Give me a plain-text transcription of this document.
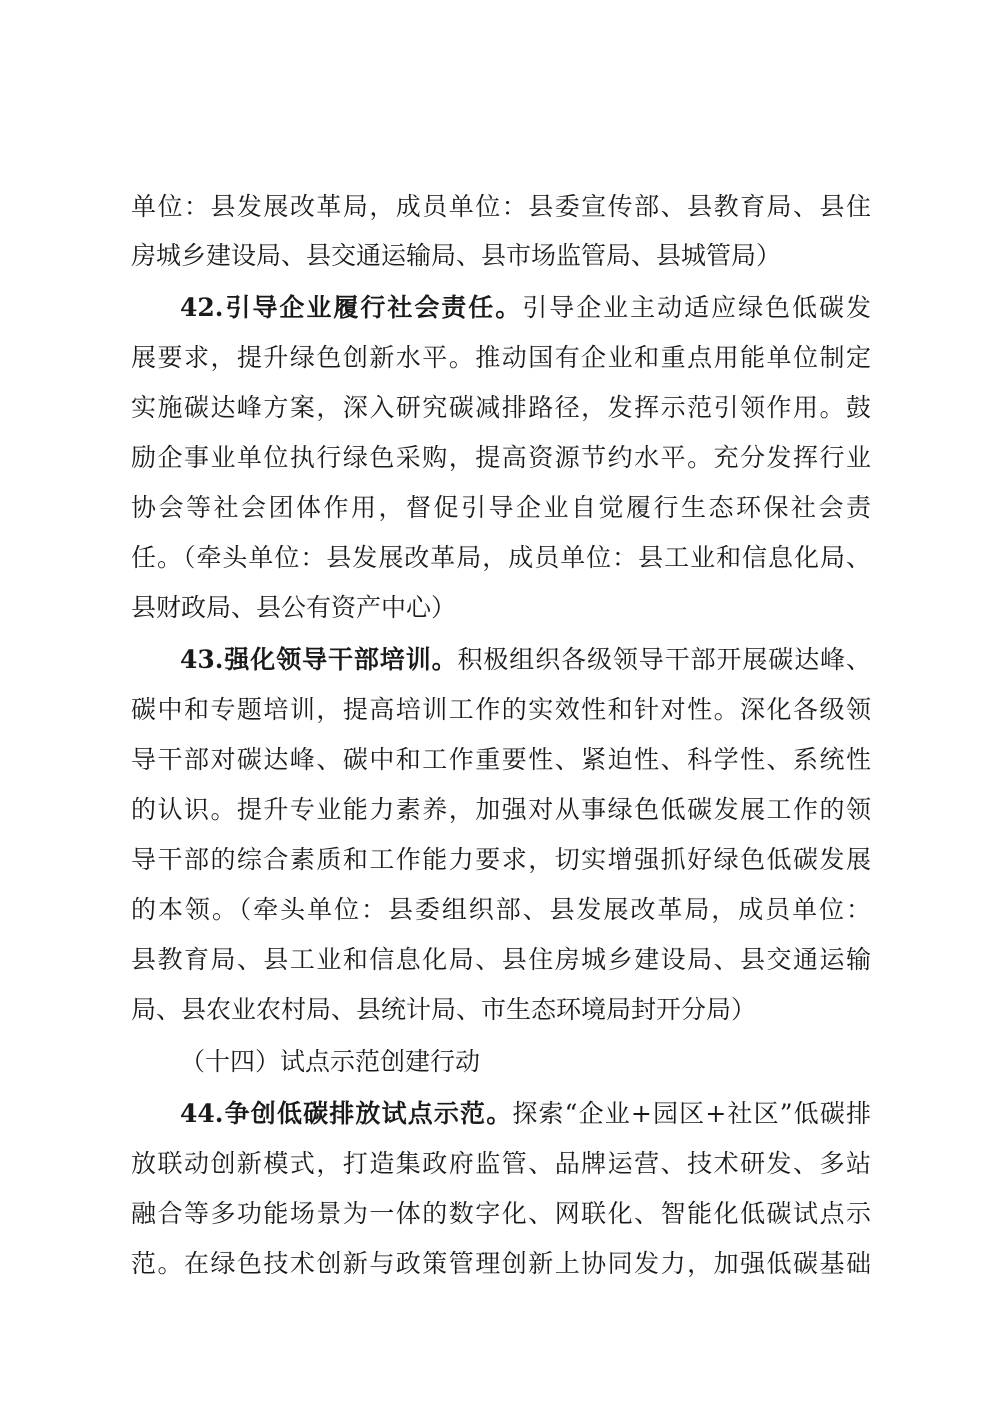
单位：县发展改革局，成员单位：县委宣传部、县教育局、县住
房城乡建设局、县交通运输局、县市场监管局、县城管局）
42.引导企业履行社会责任。引导企业主动适应绿色低碳发
展要求，提升绿色创新水平。推动国有企业和重点用能单位制定
实施碳达峰方案，深入研究碳减排路径，发挥示范引领作用。鼓
励企事业单位执行绿色采购，提高资源节约水平。充分发挥行业
协会等社会团体作用，督促引导企业自觉履行生态环保社会责
任。（牵头单位：县发展改革局，成员单位：县工业和信息化局、
县财政局、县公有资产中心）
43.强化领导干部培训。积极组织各级领导干部开展碳达峰、
碳中和专题培训，提高培训工作的实效性和针对性。深化各级领
导干部对碳达峰、碳中和工作重要性、紧迫性、科学性、系统性
的认识。提升专业能力素养，加强对从事绿色低碳发展工作的领
导干部的综合素质和工作能力要求，切实增强抓好绿色低碳发展
的本领。（牵头单位：县委组织部、县发展改革局，成员单位：
县教育局、县工业和信息化局、县住房城乡建设局、县交通运输
局、县农业农村局、县统计局、市生态环境局封开分局）
（十四）试点示范创建行动
44.争创低碳排放试点示范。探索“企业+园区+社区”低碳排
放联动创新模式，打造集政府监管、品牌运营、技术研发、多站
融合等多功能场景为一体的数字化、网联化、智能化低碳试点示
范。在绿色技术创新与政策管理创新上协同发力，加强低碳基础
